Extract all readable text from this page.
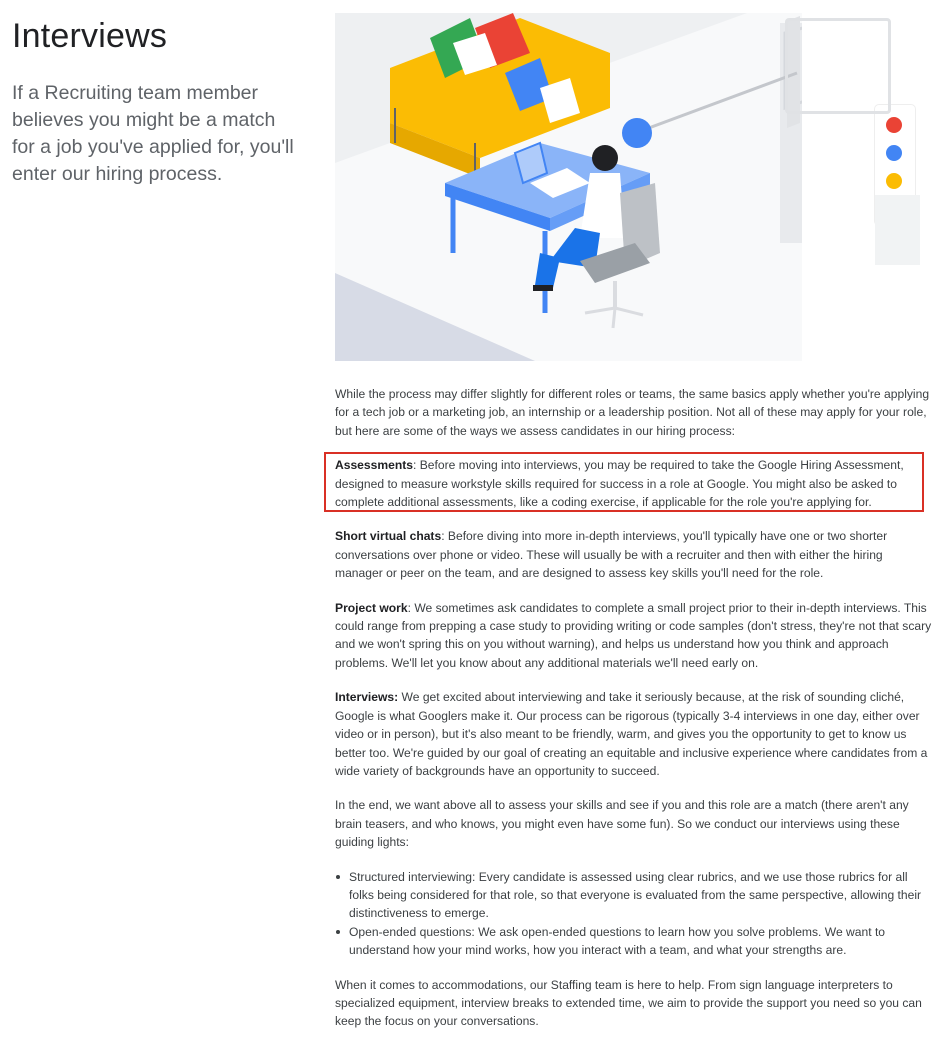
Interviews

If a Recruiting team member believes you might be a match for a job you've applied for, you'll enter our hiring process.

While the process may differ slightly for different roles or teams, the same basics apply whether you're applying for a tech job or a marketing job, an internship or a leadership position. Not all of these may apply for your role, but here are some of the ways we assess candidates in our hiring process:

Assessments: Before moving into interviews, you may be required to take the Google Hiring Assessment, designed to measure workstyle skills required for success in a role at Google. You might also be asked to complete additional assessments, like a coding exercise, if applicable for the role you're applying for.

Short virtual chats: Before diving into more in-depth interviews, you'll typically have one or two shorter conversations over phone or video. These will usually be with a recruiter and then with either the hiring manager or peer on the team, and are designed to assess key skills you'll need for the role.

Project work: We sometimes ask candidates to complete a small project prior to their in-depth interviews. This could range from prepping a case study to providing writing or code samples (don't stress, they're not that scary and we won't spring this on you without warning), and helps us understand how you think and approach problems. We'll let you know about any additional materials we'll need early on.

Interviews: We get excited about interviewing and take it seriously because, at the risk of sounding cliché, Google is what Googlers make it. Our process can be rigorous (typically 3-4 interviews in one day, either over video or in person), but it's also meant to be friendly, warm, and gives you the opportunity to get to know us better too. We're guided by our goal of creating an equitable and inclusive experience where candidates from a wide variety of backgrounds have an opportunity to succeed.

In the end, we want above all to assess your skills and see if you and this role are a match (there aren't any brain teasers, and who knows, you might even have some fun). So we conduct our interviews using these guiding lights:

Structured interviewing: Every candidate is assessed using clear rubrics, and we use those rubrics for all folks being considered for that role, so that everyone is evaluated from the same perspective, allowing their distinctiveness to emerge.
Open-ended questions: We ask open-ended questions to learn how you solve problems. We want to understand how your mind works, how you interact with a team, and what your strengths are.

When it comes to accommodations, our Staffing team is here to help. From sign language interpreters to specialized equipment, interview breaks to extended time, we aim to provide the support you need so you can keep the focus on your conversations.
